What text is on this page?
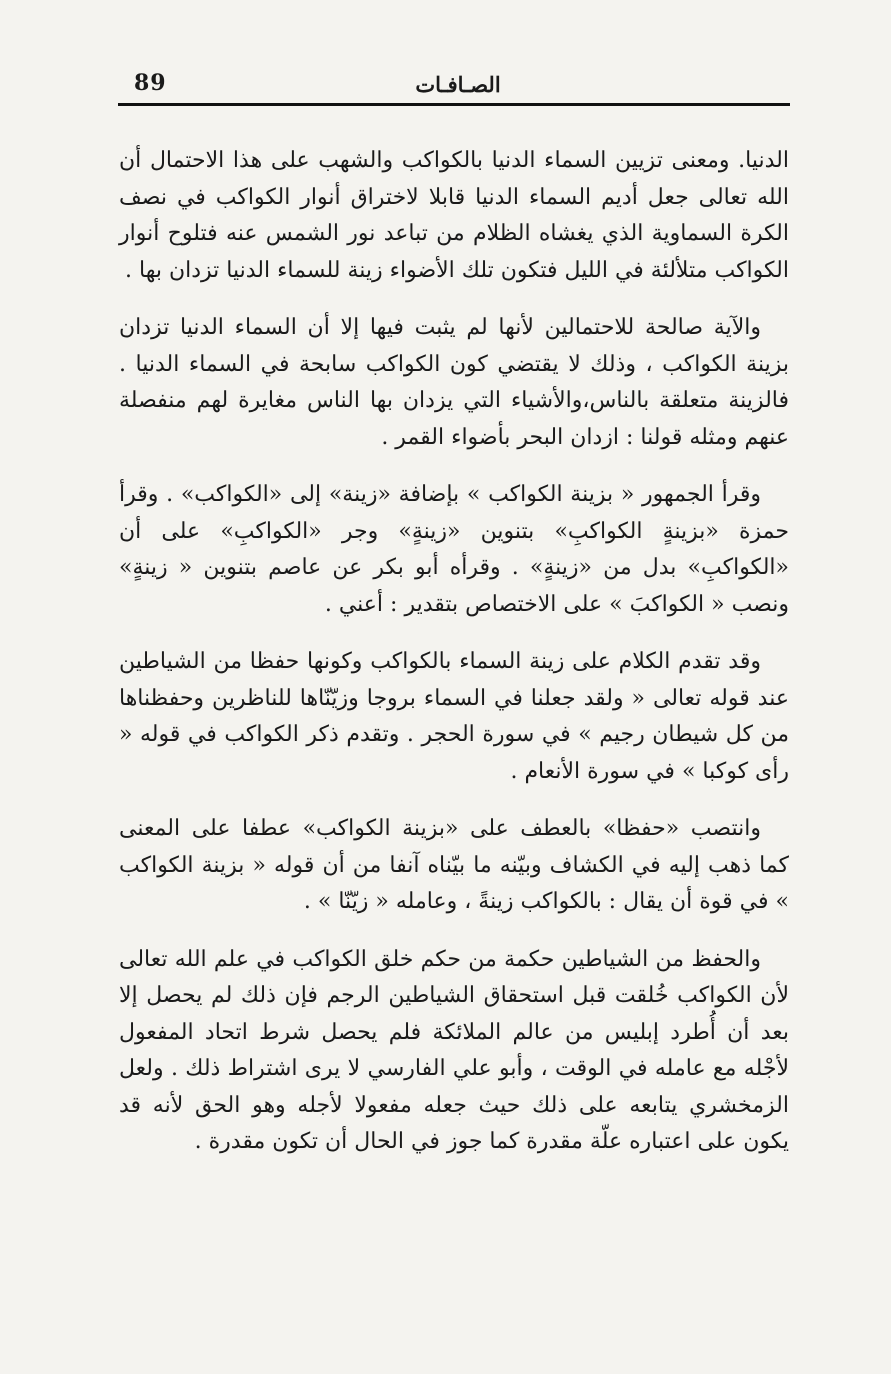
89	الصـافـات

الدنيا. ومعنى تزيين السماء الدنيا بالكواكب والشهب على هذا الاحتمال أن الله تعالى جعل أديم السماء الدنيا قابلا لاختراق أنوار الكواكب في نصف الكرة السماوية الذي يغشاه الظلام من تباعد نور الشمس عنه فتلوح أنوار الكواكب متلألئة في الليل فتكون تلك الأضواء زينة للسماء الدنيا تزدان بها .

والآية صالحة للاحتمالين لأنها لم يثبت فيها إلا أن السماء الدنيا تزدان بزينة الكواكب ، وذلك لا يقتضي كون الكواكب سابحة في السماء الدنيا . فالزينة متعلقة بالناس،والأشياء التي يزدان بها الناس مغايرة لهم منفصلة عنهم ومثله قولنا : ازدان البحر بأضواء القمر .

وقرأ الجمهور « بزينة الكواكب » بإضافة «زينة» إلى «الكواكب» . وقرأ حمزة «بزينةٍ الكواكبِ» بتنوين «زينةٍ» وجر «الكواكبِ» على أن «الكواكبِ» بدل من «زينةٍ» . وقرأه أبو بكر عن عاصم بتنوين « زينةٍ» ونصب « الكواكبَ » على الاختصاص بتقدير : أعني .

وقد تقدم الكلام على زينة السماء بالكواكب وكونها حفظا من الشياطين عند قوله تعالى « ولقد جعلنا في السماء بروجا وزيّنّاها للناظرين وحفظناها من كل شيطان رجيم » في سورة الحجر . وتقدم ذكر الكواكب في قوله « رأى كوكبا » في سورة الأنعام .

وانتصب «حفظا» بالعطف على «بزينة الكواكب» عطفا على المعنى كما ذهب إليه في الكشاف وبيّنه ما بيّناه آنفا من أن قوله « بزينة الكواكب » في قوة أن يقال : بالكواكب زينةً ، وعامله « زيّنّا » .

والحفظ من الشياطين حكمة من حكم خلق الكواكب في علم الله تعالى لأن الكواكب خُلقت قبل استحقاق الشياطين الرجم فإن ذلك لم يحصل إلا بعد أن أُطرد إبليس من عالم الملائكة فلم يحصل شرط اتحاد المفعول لأجْله مع عامله في الوقت ، وأبو علي الفارسي لا يرى اشتراط ذلك . ولعل الزمخشري يتابعه على ذلك حيث جعله مفعولا لأجله وهو الحق لأنه قد يكون على اعتباره علّة مقدرة كما جوز في الحال أن تكون مقدرة .
